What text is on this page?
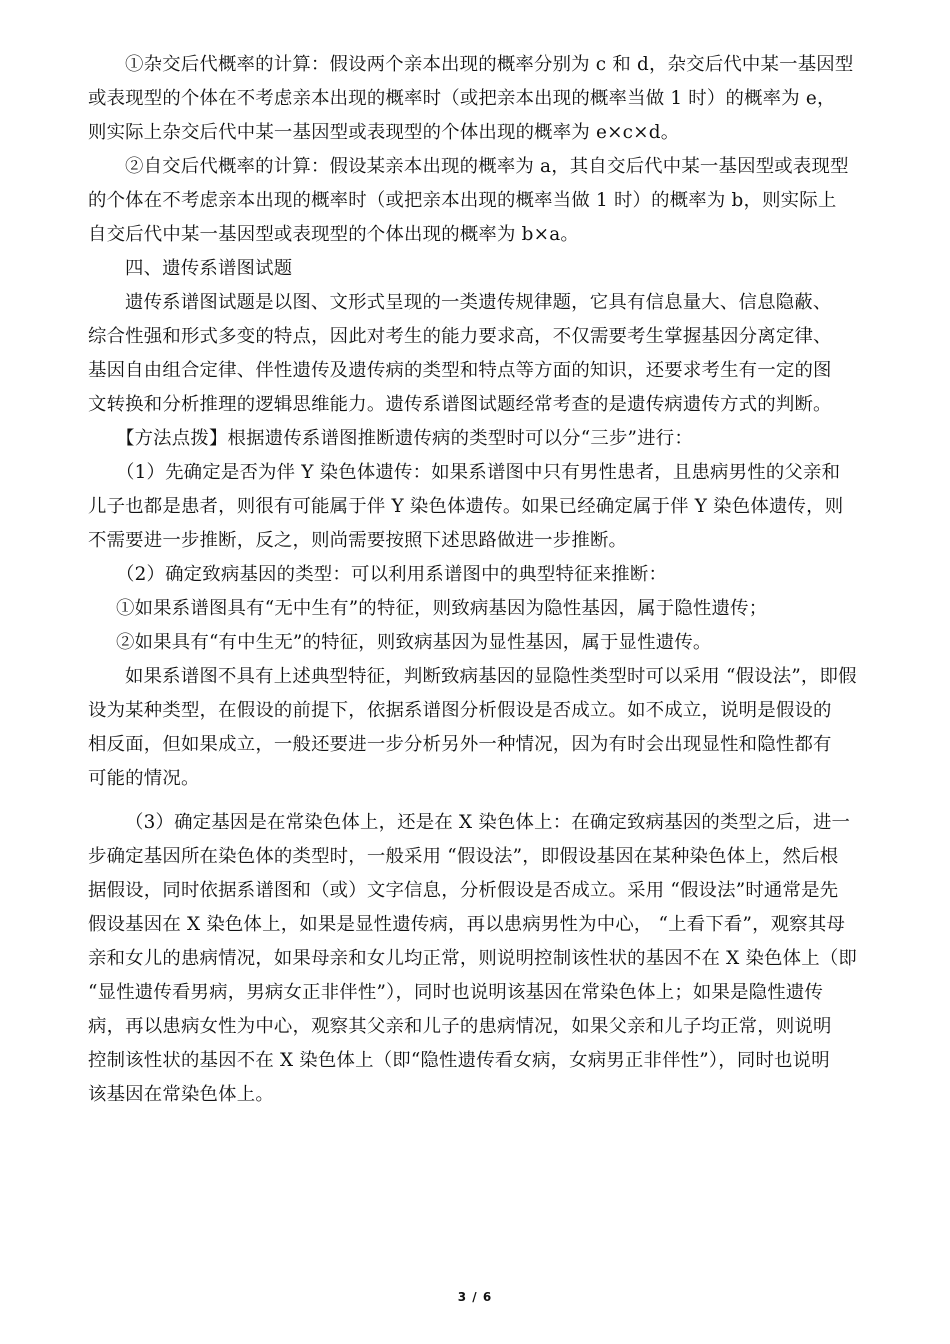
①杂交后代概率的计算：假设两个亲本出现的概率分别为 c 和 d，杂交后代中某一基因型
或表现型的个体在不考虑亲本出现的概率时（或把亲本出现的概率当做 1 时）的概率为 e，
则实际上杂交后代中某一基因型或表现型的个体出现的概率为 e×c×d。
②自交后代概率的计算：假设某亲本出现的概率为 a，其自交后代中某一基因型或表现型
的个体在不考虑亲本出现的概率时（或把亲本出现的概率当做 1 时）的概率为 b，则实际上
自交后代中某一基因型或表现型的个体出现的概率为 b×a。
四、遗传系谱图试题
遗传系谱图试题是以图、文形式呈现的一类遗传规律题，它具有信息量大、信息隐蔽、
综合性强和形式多变的特点，因此对考生的能力要求高，不仅需要考生掌握基因分离定律、
基因自由组合定律、伴性遗传及遗传病的类型和特点等方面的知识，还要求考生有一定的图
文转换和分析推理的逻辑思维能力。遗传系谱图试题经常考查的是遗传病遗传方式的判断。
【方法点拨】根据遗传系谱图推断遗传病的类型时可以分“三步”进行：
（1）先确定是否为伴 Y 染色体遗传：如果系谱图中只有男性患者，且患病男性的父亲和
儿子也都是患者，则很有可能属于伴 Y 染色体遗传。如果已经确定属于伴 Y 染色体遗传，则
不需要进一步推断，反之，则尚需要按照下述思路做进一步推断。
（2）确定致病基因的类型：可以利用系谱图中的典型特征来推断：
①如果系谱图具有“无中生有”的特征，则致病基因为隐性基因，属于隐性遗传；
②如果具有“有中生无”的特征，则致病基因为显性基因，属于显性遗传。
如果系谱图不具有上述典型特征，判断致病基因的显隐性类型时可以采用 “假设法”，即假
设为某种类型，在假设的前提下，依据系谱图分析假设是否成立。如不成立，说明是假设的
相反面，但如果成立，一般还要进一步分析另外一种情况，因为有时会出现显性和隐性都有
可能的情况。
（3）确定基因是在常染色体上，还是在 X 染色体上：在确定致病基因的类型之后，进一
步确定基因所在染色体的类型时，一般采用 “假设法”，即假设基因在某种染色体上，然后根
据假设，同时依据系谱图和（或）文字信息，分析假设是否成立。采用 “假设法”时通常是先
假设基因在 X 染色体上，如果是显性遗传病，再以患病男性为中心， “上看下看”，观察其母
亲和女儿的患病情况，如果母亲和女儿均正常，则说明控制该性状的基因不在 X 染色体上（即
“显性遗传看男病，男病女正非伴性”），同时也说明该基因在常染色体上；如果是隐性遗传
病，再以患病女性为中心，观察其父亲和儿子的患病情况，如果父亲和儿子均正常，则说明
控制该性状的基因不在 X 染色体上（即“隐性遗传看女病，女病男正非伴性”），同时也说明
该基因在常染色体上。
3 / 6
